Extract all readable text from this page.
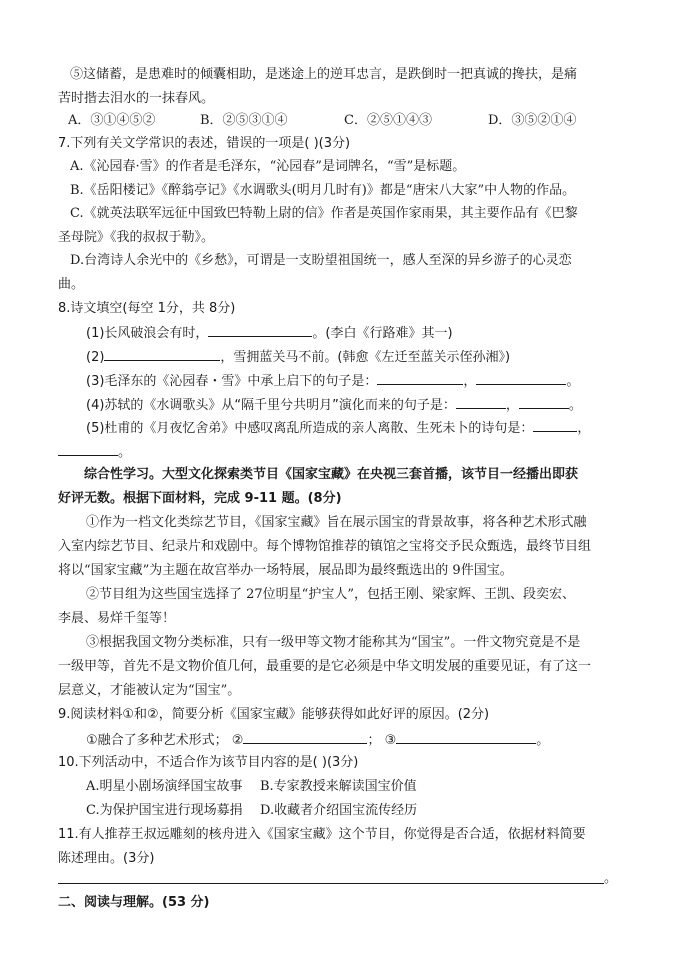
⑤这储蓄，是患难时的倾囊相助，是迷途上的逆耳忠言，是跌倒时一把真诚的搀扶，是痛
苦时揩去泪水的一抹春风。
A．③①④⑤②	B．②⑤③①④	C．②⑤①④③	D．③⑤②①④
7.下列有关文学常识的表述，错误的一项是( )(3分)
A.《沁园春·雪》的作者是毛泽东，“沁园春”是词牌名，“雪”是标题。
B.《岳阳楼记》《醉翁亭记》《水调歌头(明月几时有)》都是“唐宋八大家”中人物的作品。
C.《就英法联军远征中国致巴特勒上尉的信》作者是英国作家雨果，其主要作品有《巴黎
圣母院》《我的叔叔于勒》。
D.台湾诗人余光中的《乡愁》，可谓是一支盼望祖国统一，感人至深的异乡游子的心灵恋
曲。
8.诗文填空(每空 1分，共 8分)
(1)长风破浪会有时，	。(李白《行路难》其一)
(2)	，雪拥蓝关马不前。(韩愈《左迁至蓝关示侄孙湘》)
(3)毛泽东的《沁园春・雪》中承上启下的句子是：	，	。
(4)苏轼的《水调歌头》从“隔千里兮共明月”演化而来的句子是：	，	。
(5)杜甫的《月夜忆舍弟》中感叹离乱所造成的亲人离散、生死未卜的诗句是：	，
。
综合性学习。大型文化探索类节目《国家宝藏》在央视三套首播，该节目一经播出即获
好评无数。根据下面材料，完成 9-11 题。(8分)
①作为一档文化类综艺节目，《国家宝藏》旨在展示国宝的背景故事，将各种艺术形式融
入室内综艺节目、纪录片和戏剧中。每个博物馆推荐的镇馆之宝将交予民众甄选，最终节目组
将以“国家宝藏”为主题在故宫举办一场特展，展品即为最终甄选出的 9件国宝。
②节目组为这些国宝选择了 27位明星“护宝人”，包括王刚、梁家辉、王凯、段奕宏、
李晨、易烊千玺等！
③根据我国文物分类标准，只有一级甲等文物才能称其为“国宝”。一件文物究竟是不是
一级甲等，首先不是文物价值几何，最重要的是它必须是中华文明发展的重要见证，有了这一
层意义，才能被认定为“国宝”。
9.阅读材料①和②，简要分析《国家宝藏》能够获得如此好评的原因。(2分)
①融合了多种艺术形式； ②	； ③	。
10.下列活动中，不适合作为该节目内容的是( )(3分)
A.明星小剧场演绎国宝故事 B.专家教授来解读国宝价值
C.为保护国宝进行现场募捐 D.收藏者介绍国宝流传经历
11.有人推荐王叔远雕刻的核舟进入《国家宝藏》这个节目，你觉得是否合适，依据材料简要
陈述理由。(3分)
。
二、阅读与理解。(53 分)
